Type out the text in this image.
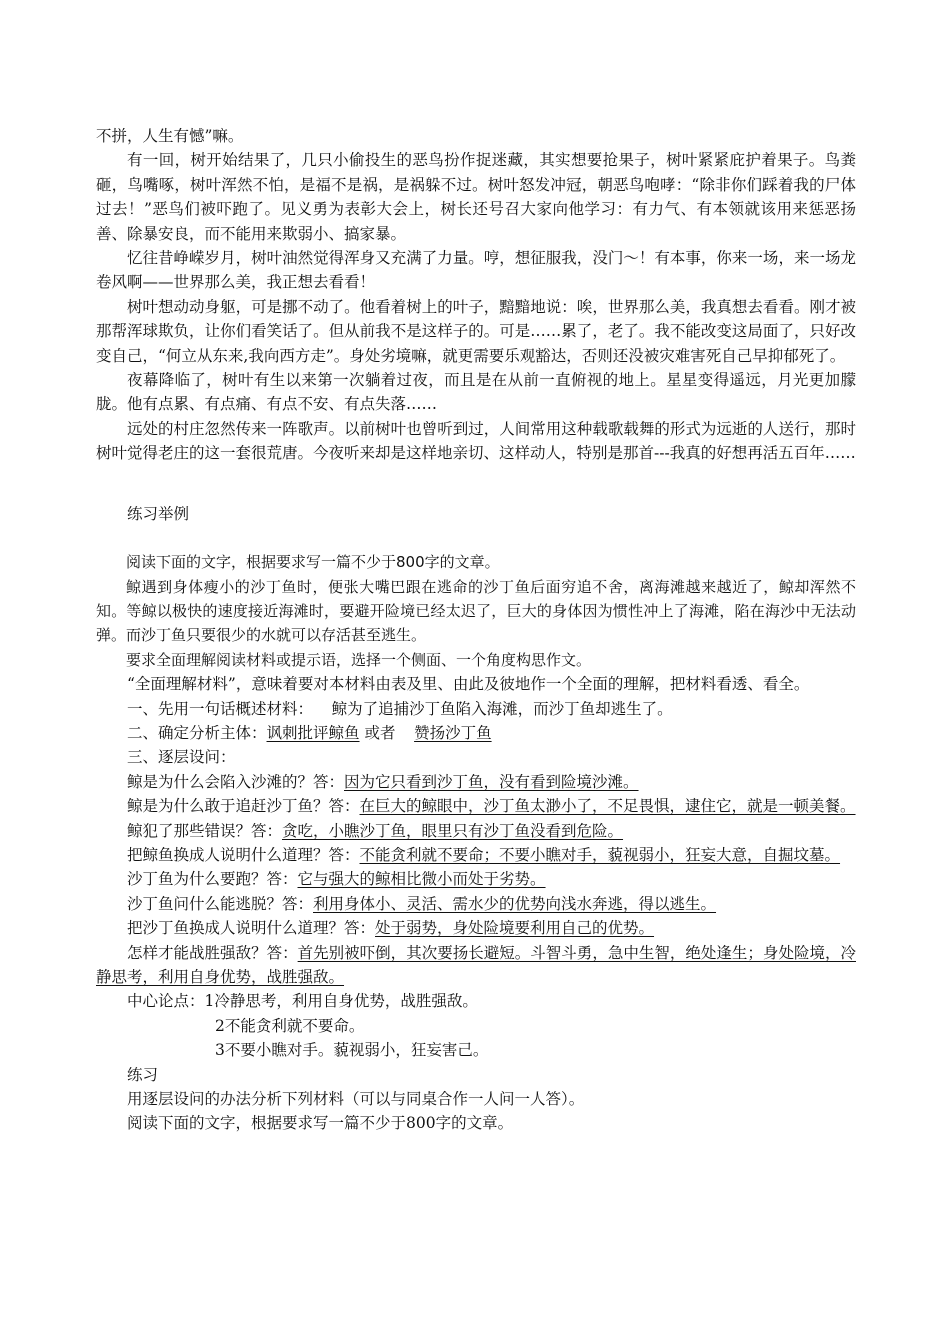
不拼，人生有憾”嘛。

有一回，树开始结果了，几只小偷投生的恶鸟扮作捉迷藏，其实想要抢果子，树叶紧紧庇护着果子。鸟粪砸，鸟嘴啄，树叶浑然不怕，是福不是祸，是祸躲不过。树叶怒发冲冠，朝恶鸟咆哮：“除非你们踩着我的尸体过去！”恶鸟们被吓跑了。见义勇为表彰大会上，树长还号召大家向他学习：有力气、有本领就该用来惩恶扬善、除暴安良，而不能用来欺弱小、搞家暴。

忆往昔峥嵘岁月，树叶油然觉得浑身又充满了力量。哼，想征服我，没门～！有本事，你来一场，来一场龙卷风啊——世界那么美，我正想去看看！

树叶想动动身躯，可是挪不动了。他看着树上的叶子，黯黯地说：唉，世界那么美，我真想去看看。刚才被那帮浑球欺负，让你们看笑话了。但从前我不是这样子的。可是……累了，老了。我不能改变这局面了，只好改变自己，“何立从东来,我向西方走”。身处劣境嘛，就更需要乐观豁达，否则还没被灾难害死自己早抑郁死了。

夜幕降临了，树叶有生以来第一次躺着过夜，而且是在从前一直俯视的地上。星星变得遥远，月光更加朦胧。他有点累、有点痛、有点不安、有点失落……

远处的村庄忽然传来一阵歌声。以前树叶也曾听到过，人间常用这种载歌载舞的形式为远逝的人送行，那时树叶觉得老庄的这一套很荒唐。今夜听来却是这样地亲切、这样动人，特别是那首---我真的好想再活五百年……

练习举例

阅读下面的文字，根据要求写一篇不少于800字的文章。

鲸遇到身体瘦小的沙丁鱼时，便张大嘴巴跟在逃命的沙丁鱼后面穷追不舍，离海滩越来越近了，鲸却浑然不知。等鲸以极快的速度接近海滩时，要避开险境已经太迟了，巨大的身体因为惯性冲上了海滩，陷在海沙中无法动弹。而沙丁鱼只要很少的水就可以存活甚至逃生。

要求全面理解阅读材料或提示语，选择一个侧面、一个角度构思作文。

“全面理解材料”，意味着要对本材料由表及里、由此及彼地作一个全面的理解，把材料看透、看全。

一、先用一句话概述材料： 鲸为了追捕沙丁鱼陷入海滩，而沙丁鱼却逃生了。

二、确定分析主体：讽刺批评鲸鱼 或者 赞扬沙丁鱼

三、逐层设问：

鲸是为什么会陷入沙滩的？答：因为它只看到沙丁鱼，没有看到险境沙滩。

鲸是为什么敢于追赶沙丁鱼？答：在巨大的鲸眼中，沙丁鱼太渺小了，不足畏惧，逮住它，就是一顿美餐。

鲸犯了那些错误？答：贪吃，小瞧沙丁鱼，眼里只有沙丁鱼没看到危险。

把鲸鱼换成人说明什么道理？答：不能贪利就不要命；不要小瞧对手，藐视弱小，狂妄大意，自掘坟墓。

沙丁鱼为什么要跑？答：它与强大的鲸相比微小而处于劣势。

沙丁鱼问什么能逃脱？答：利用身体小、灵活、需水少的优势向浅水奔逃，得以逃生。

把沙丁鱼换成人说明什么道理？答：处于弱势，身处险境要利用自己的优势。

怎样才能战胜强敌？答：首先别被吓倒，其次要扬长避短。斗智斗勇，急中生智，绝处逢生；身处险境，冷静思考，利用自身优势，战胜强敌。

中心论点：1冷静思考，利用自身优势，战胜强敌。

2不能贪利就不要命。

3不要小瞧对手。藐视弱小，狂妄害己。

练习

用逐层设问的办法分析下列材料（可以与同桌合作一人问一人答）。

阅读下面的文字，根据要求写一篇不少于800字的文章。
